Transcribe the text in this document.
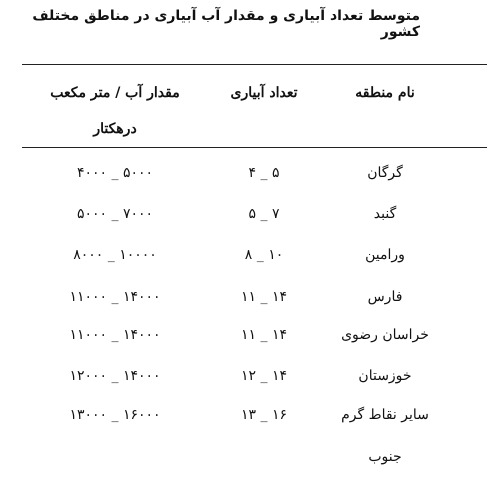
متوسط تعداد آبیاری و مقدار آب آبیاری در مناطق مختلف کشور
نام منطقه
تعداد آبیاری
مقدار آب / متر مکعب
درهکتار
گرگان
۵ _ ۴
۵۰۰۰ _ ۴۰۰۰
گنبد
۷ _ ۵
۷۰۰۰ _ ۵۰۰۰
ورامین
۱۰ _ ۸
۱۰۰۰۰ _ ۸۰۰۰
فارس
۱۴ _ ۱۱
۱۴۰۰۰ _ ۱۱۰۰۰
خراسان رضوی
۱۴ _ ۱۱
۱۴۰۰۰ _ ۱۱۰۰۰
خوزستان
۱۴ _ ۱۲
۱۴۰۰۰ _ ۱۲۰۰۰
سایر نقاط گرم
۱۶ _ ۱۳
۱۶۰۰۰ _ ۱۳۰۰۰
جنوب
